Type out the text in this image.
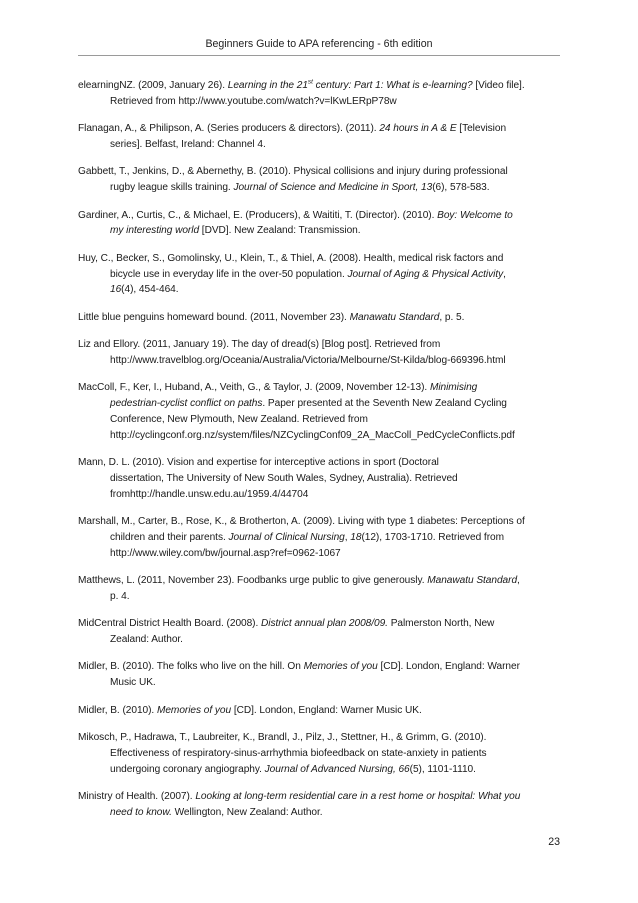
Beginners Guide to APA referencing - 6th edition
elearningNZ. (2009, January 26). Learning in the 21st century: Part 1: What is e-learning? [Video file].
Retrieved from http://www.youtube.com/watch?v=lKwLERpP78w
Flanagan, A., & Philipson, A. (Series producers & directors). (2011). 24 hours in A & E [Television
series]. Belfast, Ireland: Channel 4.
Gabbett, T., Jenkins, D., & Abernethy, B. (2010). Physical collisions and injury during professional
rugby league skills training. Journal of Science and Medicine in Sport, 13(6), 578-583.
Gardiner, A., Curtis, C., & Michael, E. (Producers), & Waititi, T. (Director). (2010). Boy: Welcome to
my interesting world [DVD]. New Zealand: Transmission.
Huy, C., Becker, S., Gomolinsky, U., Klein, T., & Thiel, A. (2008). Health, medical risk factors and
bicycle use in everyday life in the over-50 population. Journal of Aging & Physical Activity,
16(4), 454-464.
Little blue penguins homeward bound. (2011, November 23). Manawatu Standard, p. 5.
Liz and Ellory. (2011, January 19). The day of dread(s) [Blog post]. Retrieved from
http://www.travelblog.org/Oceania/Australia/Victoria/Melbourne/St-Kilda/blog-669396.html
MacColl, F., Ker, I., Huband, A., Veith, G., & Taylor, J. (2009, November 12-13). Minimising
pedestrian-cyclist conflict on paths. Paper presented at the Seventh New Zealand Cycling
Conference, New Plymouth, New Zealand. Retrieved from
http://cyclingconf.org.nz/system/files/NZCyclingConf09_2A_MacColl_PedCycleConflicts.pdf
Mann, D. L. (2010). Vision and expertise for interceptive actions in sport (Doctoral
dissertation, The University of New South Wales, Sydney, Australia). Retrieved
fromhttp://handle.unsw.edu.au/1959.4/44704
Marshall, M., Carter, B., Rose, K., & Brotherton, A. (2009). Living with type 1 diabetes: Perceptions of
children and their parents. Journal of Clinical Nursing, 18(12), 1703-1710. Retrieved from
http://www.wiley.com/bw/journal.asp?ref=0962-1067
Matthews, L. (2011, November 23). Foodbanks urge public to give generously. Manawatu Standard,
p. 4.
MidCentral District Health Board. (2008). District annual plan 2008/09. Palmerston North, New
Zealand: Author.
Midler, B. (2010). The folks who live on the hill. On Memories of you [CD]. London, England: Warner
Music UK.
Midler, B. (2010). Memories of you [CD]. London, England: Warner Music UK.
Mikosch, P., Hadrawa, T., Laubreiter, K., Brandl, J., Pilz, J., Stettner, H., & Grimm, G. (2010).
Effectiveness of respiratory-sinus-arrhythmia biofeedback on state-anxiety in patients
undergoing coronary angiography. Journal of Advanced Nursing, 66(5), 1101-1110.
Ministry of Health. (2007). Looking at long-term residential care in a rest home or hospital: What you
need to know. Wellington, New Zealand: Author.
23
